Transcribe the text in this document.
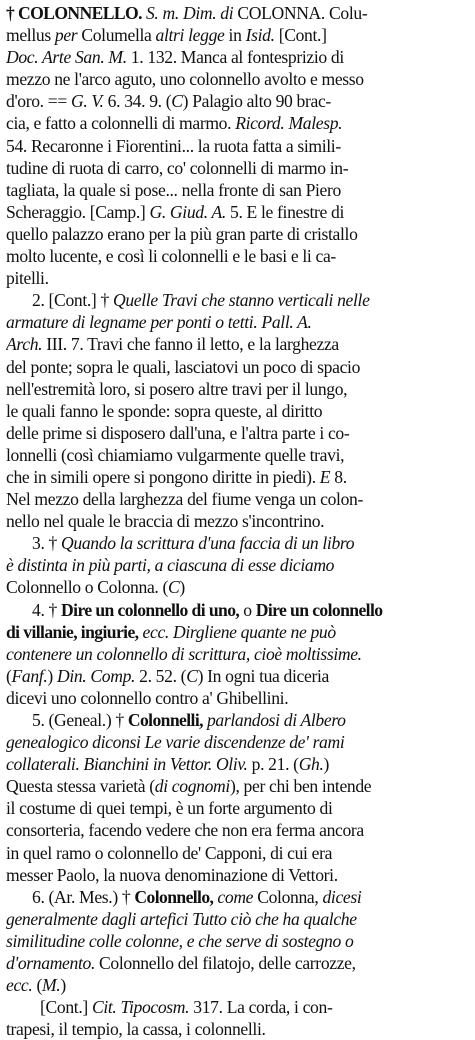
† COLONNELLO. S. m. Dim. di COLONNA. Colu-
mellus per Columella altri legge in Isid. [Cont.]
Doc. Arte San. M. 1. 132. Manca al fontesprizio di
mezzo ne l'arco aguto, uno colonnello avolto e messo
d'oro. == G. V. 6. 34. 9. (C) Palagio alto 90 brac-
cia, e fatto a colonnelli di marmo. Ricord. Malesp.
54. Recaronne i Fiorentini... la ruota fatta a simili-
tudine di ruota di carro, co' colonnelli di marmo in-
tagliata, la quale si pose... nella fronte di san Piero
Scheraggio. [Camp.] G. Giud. A. 5. E le finestre di
quello palazzo erano per la più gran parte di cristallo
molto lucente, e così li colonnelli e le basi e li ca-
pitelli.
2. [Cont.] † Quelle Travi che stanno verticali nelle
armature di legname per ponti o tetti. Pall. A.
Arch. III. 7. Travi che fanno il letto, e la larghezza
del ponte; sopra le quali, lasciatovi un poco di spacio
nell'estremità loro, si posero altre travi per il lungo,
le quali fanno le sponde: sopra queste, al diritto
delle prime si disposero dall'una, e l'altra parte i co-
lonnelli (così chiamiamo vulgarmente quelle travi,
che in simili opere si pongono diritte in piedi). E 8.
Nel mezzo della larghezza del fiume venga un colon-
nello nel quale le braccia di mezzo s'incontrino.
3. † Quando la scrittura d'una faccia di un libro
è distinta in più parti, a ciascuna di esse diciamo
Colonnello o Colonna. (C)
4. † Dire un colonnello di uno, o Dire un colonnello
di villanie, ingiurie, ecc. Dirgliene quante ne può
contenere un colonnello di scrittura, cioè moltissime.
(Fanf.) Din. Comp. 2. 52. (C) In ogni tua diceria
dicevi uno colonnello contro a' Ghibellini.
5. (Geneal.) † Colonnelli, parlandosi di Albero
genealogico diconsi Le varie discendenze de' rami
collaterali. Bianchini in Vettor. Oliv. p. 21. (Gh.)
Questa stessa varietà (di cognomi), per chi ben intende
il costume di quei tempi, è un forte argumento di
consorteria, facendo vedere che non era ferma ancora
in quel ramo o colonnello de' Capponi, di cui era
messer Paolo, la nuova denominazione di Vettori.
6. (Ar. Mes.) † Colonnello, come Colonna, dicesi
generalmente dagli artefici Tutto ciò che ha qualche
similitudine colle colonne, e che serve di sostegno o
d'ornamento. Colonnello del filatojo, delle carrozze,
ecc. (M.)
[Cont.] Cit. Tipocosm. 317. La corda, i con-
trapesi, il tempio, la cassa, i colonnelli.
